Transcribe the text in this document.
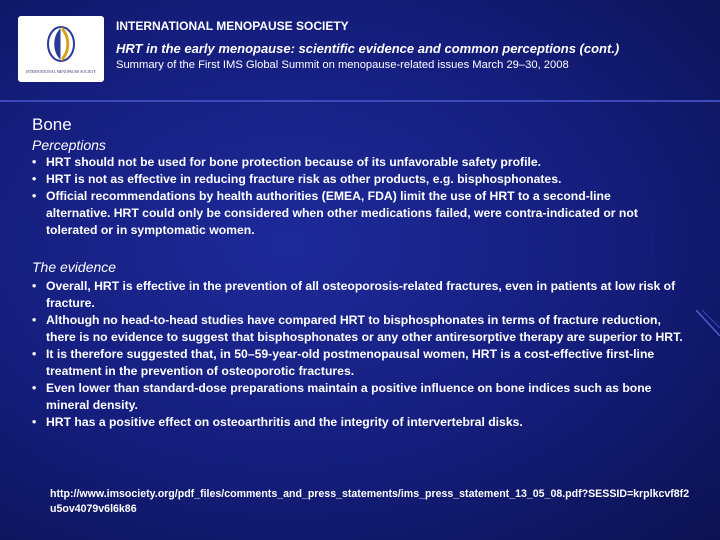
INTERNATIONAL MENOPAUSE SOCIETY
INTERNATIONAL MENOPAUSE SOCIETY
HRT in the early menopause: scientific evidence and common perceptions (cont.)
Summary of the First IMS Global Summit on menopause-related issues March 29–30, 2008
Bone
Perceptions
• HRT should not be used for bone protection because of its unfavorable safety profile.
• HRT is not as effective in reducing fracture risk as other products, e.g. bisphosphonates.
• Official recommendations by health authorities (EMEA, FDA) limit the use of HRT to a second-line alternative. HRT could only be considered when other medications failed, were contra-indicated or not tolerated or in symptomatic women.
The evidence
• Overall, HRT is effective in the prevention of all osteoporosis-related fractures, even in patients at low risk of fracture.
• Although no head-to-head studies have compared HRT to bisphosphonates in terms of fracture reduction, there is no evidence to suggest that bisphosphonates or any other antiresorptive therapy are superior to HRT.
• It is therefore suggested that, in 50–59-year-old postmenopausal women, HRT is a cost-effective first-line treatment in the prevention of osteoporotic fractures.
• Even lower than standard-dose preparations maintain a positive influence on bone indices such as bone mineral density.
• HRT has a positive effect on osteoarthritis and the integrity of intervertebral disks.
http://www.imsociety.org/pdf_files/comments_and_press_statements/ims_press_statement_13_05_08.pdf?SESSID=krplkcvf8f2u5ov4079v6l6k86
